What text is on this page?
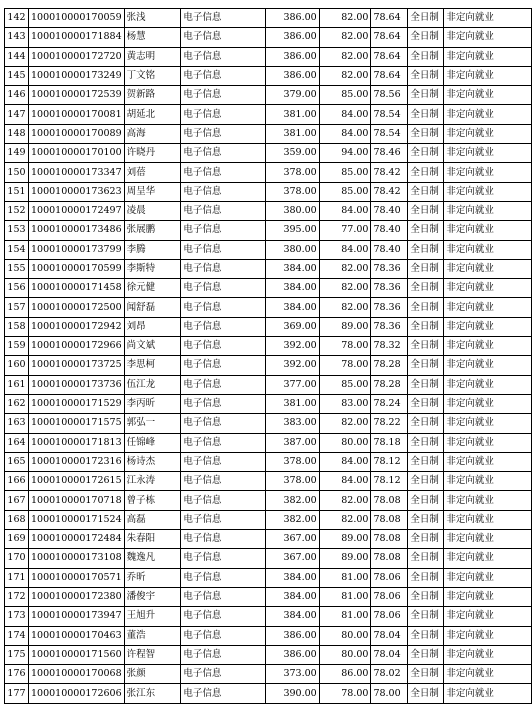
142	100010000170059	张浅	电子信息	386.00	82.00	78.64	全日制	非定向就业
143	100010000171884	杨慧	电子信息	386.00	82.00	78.64	全日制	非定向就业
144	100010000172720	黄志明	电子信息	386.00	82.00	78.64	全日制	非定向就业
145	100010000173249	丁文铭	电子信息	386.00	82.00	78.64	全日制	非定向就业
146	100010000172539	贺新路	电子信息	379.00	85.00	78.56	全日制	非定向就业
147	100010000170081	胡延北	电子信息	381.00	84.00	78.54	全日制	非定向就业
148	100010000170089	高海	电子信息	381.00	84.00	78.54	全日制	非定向就业
149	100010000170100	许晓丹	电子信息	359.00	94.00	78.46	全日制	非定向就业
150	100010000173347	刘蓓	电子信息	378.00	85.00	78.42	全日制	非定向就业
151	100010000173623	周呈华	电子信息	378.00	85.00	78.42	全日制	非定向就业
152	100010000172497	凌晨	电子信息	380.00	84.00	78.40	全日制	非定向就业
153	100010000173486	张展鹏	电子信息	395.00	77.00	78.40	全日制	非定向就业
154	100010000173799	李腾	电子信息	380.00	84.00	78.40	全日制	非定向就业
155	100010000170599	李斯特	电子信息	384.00	82.00	78.36	全日制	非定向就业
156	100010000171458	徐元健	电子信息	384.00	82.00	78.36	全日制	非定向就业
157	100010000172500	闻舒磊	电子信息	384.00	82.00	78.36	全日制	非定向就业
158	100010000172942	刘昂	电子信息	369.00	89.00	78.36	全日制	非定向就业
159	100010000172966	尚文斌	电子信息	392.00	78.00	78.32	全日制	非定向就业
160	100010000173725	李思柯	电子信息	392.00	78.00	78.28	全日制	非定向就业
161	100010000173736	伍江龙	电子信息	377.00	85.00	78.28	全日制	非定向就业
162	100010000171529	李丙昕	电子信息	381.00	83.00	78.24	全日制	非定向就业
163	100010000171575	郭弘一	电子信息	383.00	82.00	78.22	全日制	非定向就业
164	100010000171813	任锦峰	电子信息	387.00	80.00	78.18	全日制	非定向就业
165	100010000172316	杨诗杰	电子信息	378.00	84.00	78.12	全日制	非定向就业
166	100010000172615	江永涛	电子信息	378.00	84.00	78.12	全日制	非定向就业
167	100010000170718	曾子栋	电子信息	382.00	82.00	78.08	全日制	非定向就业
168	100010000171524	高磊	电子信息	382.00	82.00	78.08	全日制	非定向就业
169	100010000172484	朱春阳	电子信息	367.00	89.00	78.08	全日制	非定向就业
170	100010000173108	魏逸凡	电子信息	367.00	89.00	78.08	全日制	非定向就业
171	100010000170571	乔昕	电子信息	384.00	81.00	78.06	全日制	非定向就业
172	100010000172380	潘俊宇	电子信息	384.00	81.00	78.06	全日制	非定向就业
173	100010000173947	王旭升	电子信息	384.00	81.00	78.06	全日制	非定向就业
174	100010000170463	董浩	电子信息	386.00	80.00	78.04	全日制	非定向就业
175	100010000171560	许程智	电子信息	386.00	80.00	78.04	全日制	非定向就业
176	100010000170068	张颜	电子信息	373.00	86.00	78.02	全日制	非定向就业
177	100010000172606	张江东	电子信息	390.00	78.00	78.00	全日制	非定向就业
